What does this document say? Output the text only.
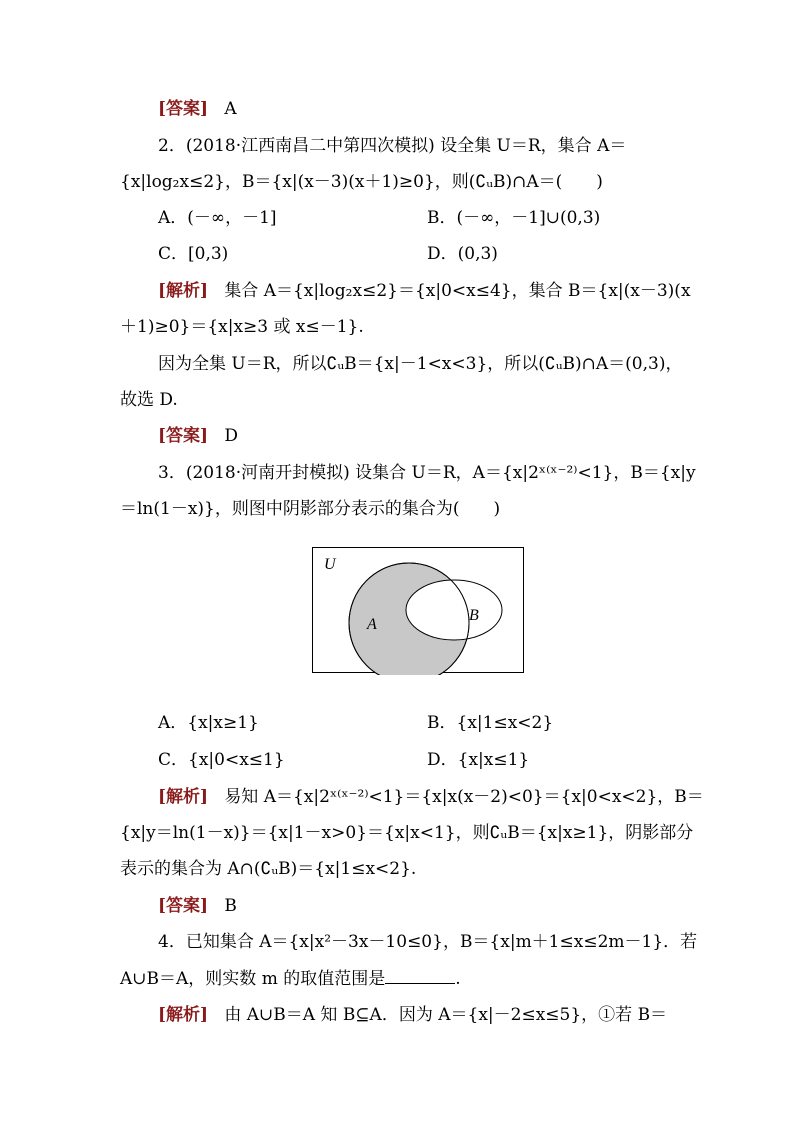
[答案] A
2．(2018·江西南昌二中第四次模拟) 设全集 U＝R，集合 A＝
{x|log₂x≤2}，B＝{x|(x－3)(x＋1)≥0}，则(∁ᵤB)∩A＝(　　)
A．(－∞，－1]	B．(－∞，－1]∪(0,3)
C．[0,3)	D．(0,3)
[解析] 集合 A＝{x|log₂x≤2}＝{x|0<x≤4}，集合 B＝{x|(x－3)(x
＋1)≥0}＝{x|x≥3 或 x≤－1}.
因为全集 U＝R，所以∁ᵤB＝{x|－1<x<3}，所以(∁ᵤB)∩A＝(0,3)，
故选 D.
[答案] D
3．(2018·河南开封模拟) 设集合 U＝R，A＝{x|2ˣ⁽ˣ⁻²⁾<1}，B＝{x|y
＝ln(1－x)}，则图中阴影部分表示的集合为(　　)
U
A
B
A．{x|x≥1}	B．{x|1≤x<2}
C．{x|0<x≤1}	D．{x|x≤1}
[解析] 易知 A＝{x|2ˣ⁽ˣ⁻²⁾<1}＝{x|x(x－2)<0}＝{x|0<x<2}，B＝
{x|y＝ln(1－x)}＝{x|1－x>0}＝{x|x<1}，则∁ᵤB＝{x|x≥1}，阴影部分
表示的集合为 A∩(∁ᵤB)＝{x|1≤x<2}.
[答案] B
4．已知集合 A＝{x|x²－3x－10≤0}，B＝{x|m＋1≤x≤2m－1}．若
A∪B＝A，则实数 m 的取值范围是	.
[解析] 由 A∪B＝A 知 B⊆A．因为 A＝{x|－2≤x≤5}，①若 B＝
